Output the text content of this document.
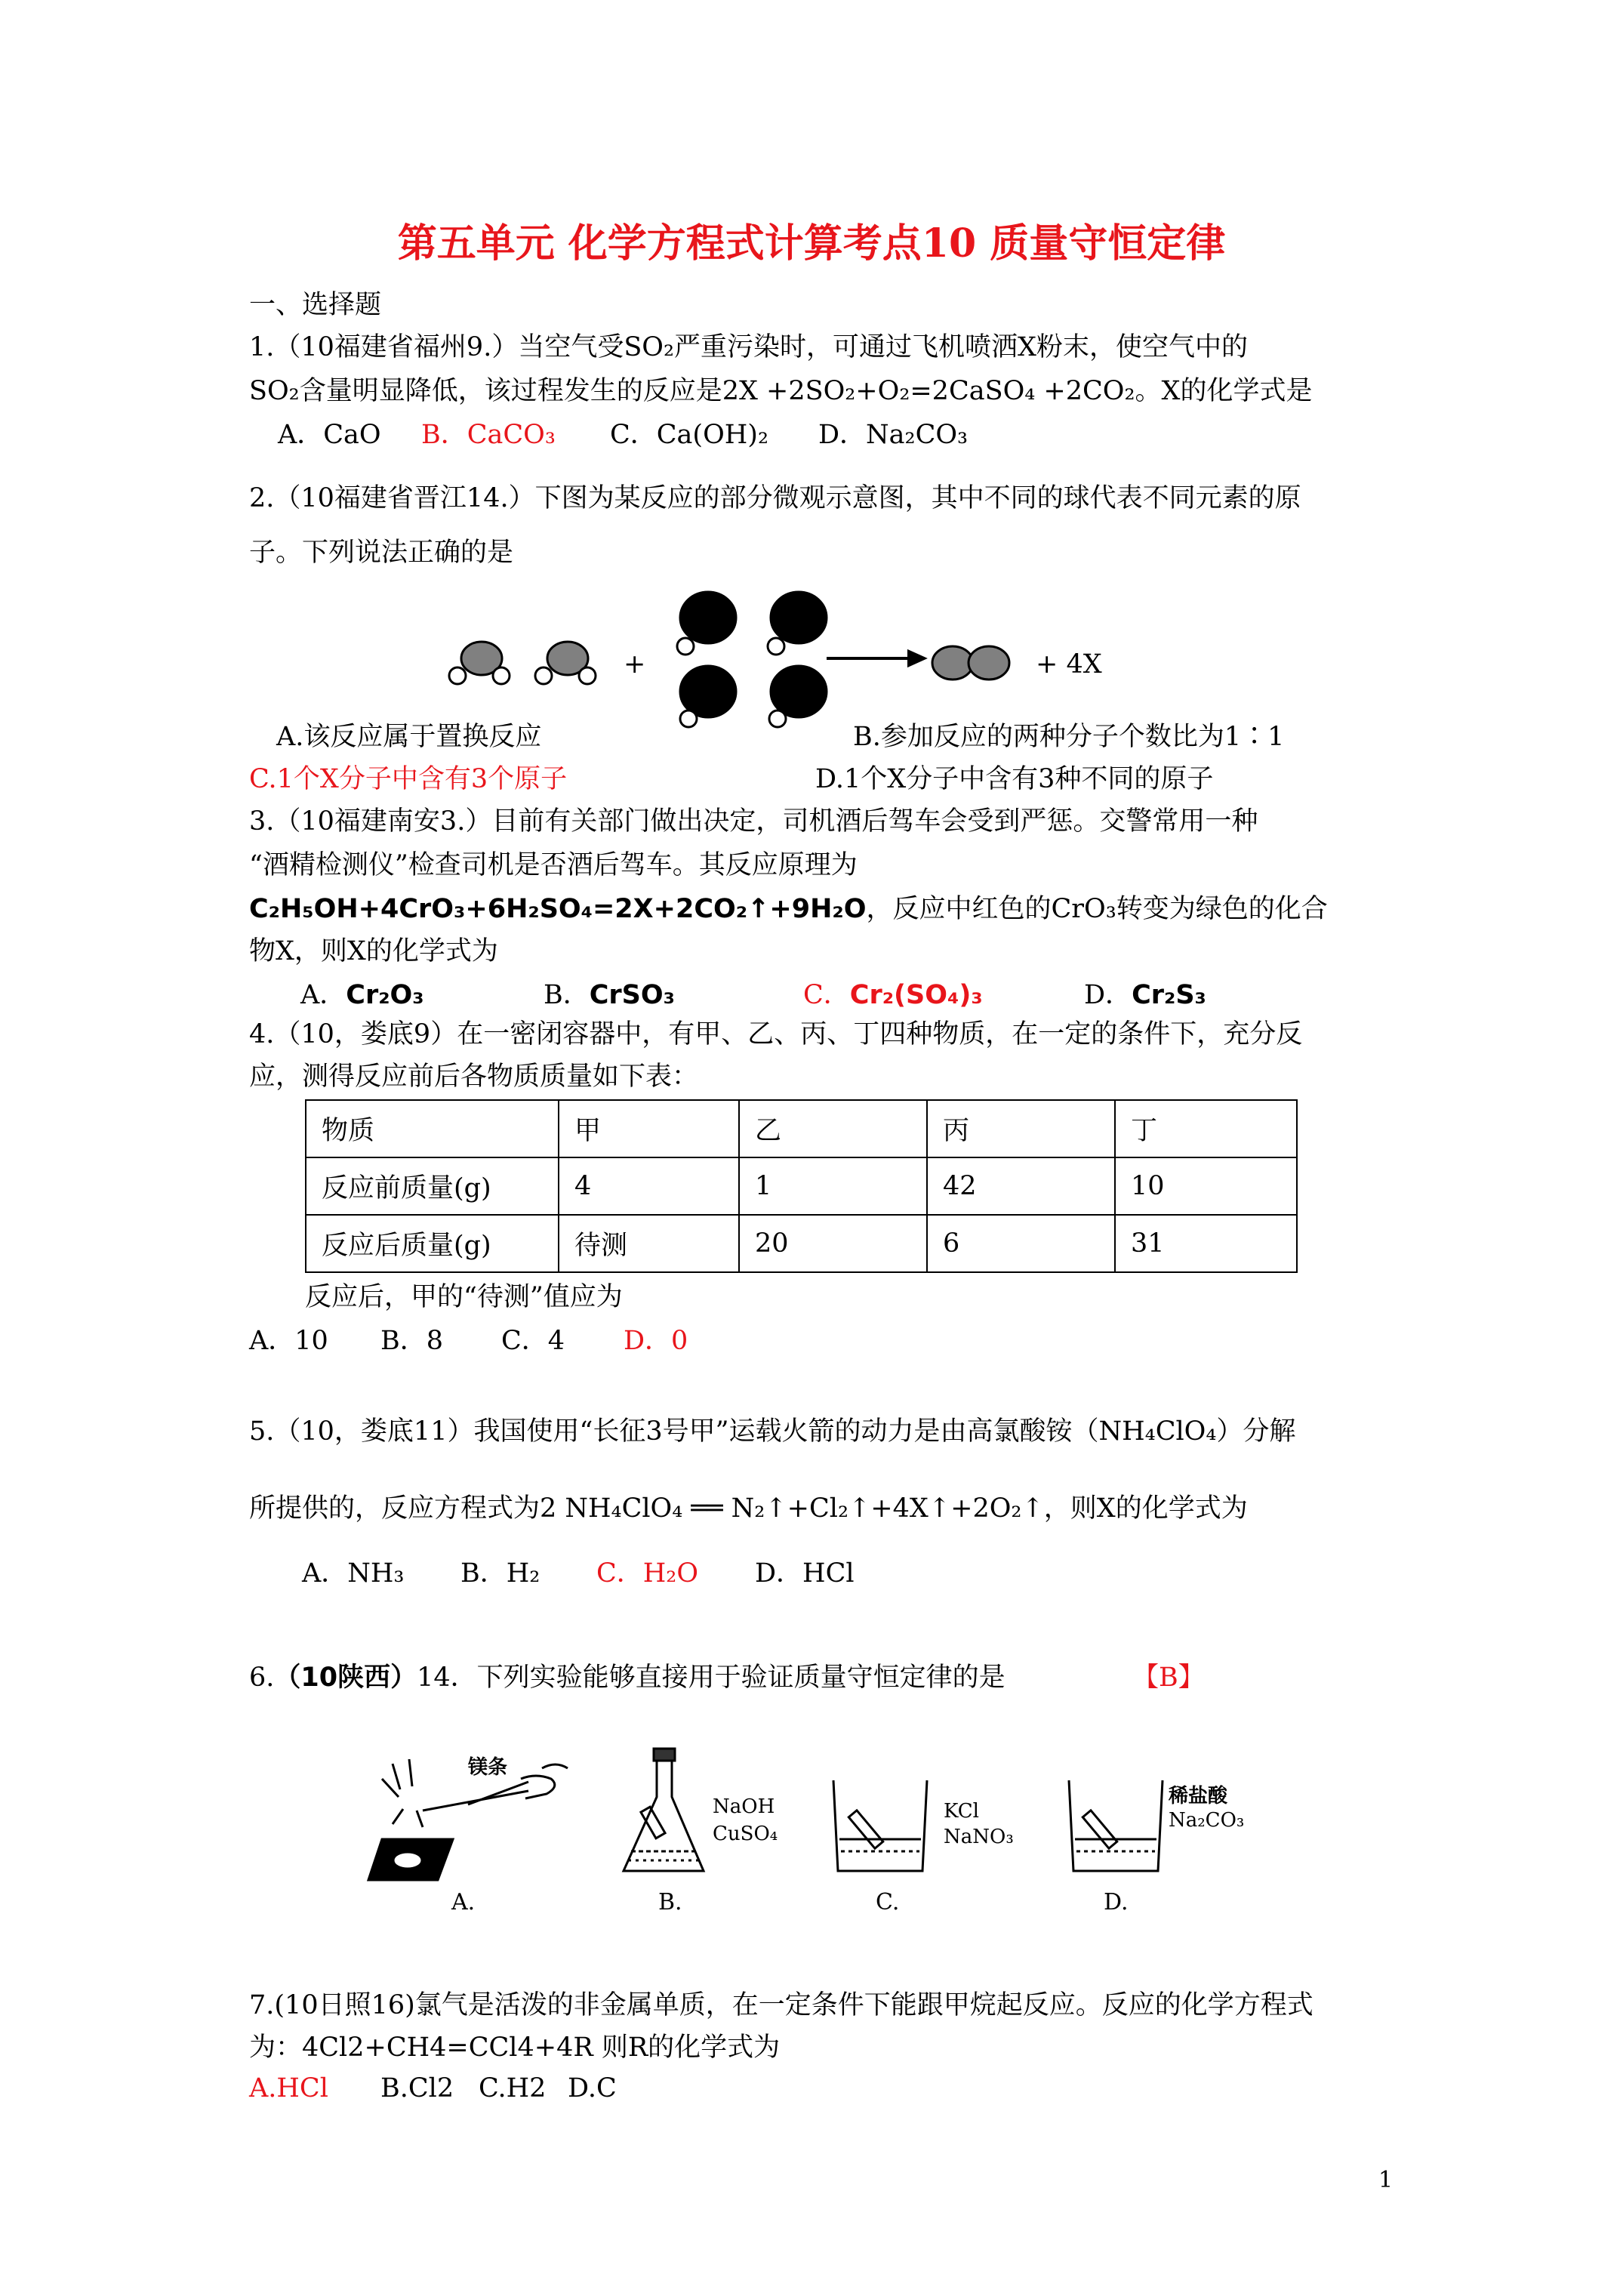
第五单元 化学方程式计算考点10 质量守恒定律
一、选择题
1.（10福建省福州9.）当空气受SO₂严重污染时，可通过飞机喷洒X粉末，使空气中的
SO₂含量明显降低，该过程发生的反应是2X +2SO₂+O₂=2CaSO₄ +2CO₂。X的化学式是
A．CaO B．CaCO₃ C．Ca(OH)₂ D．Na₂CO₃
2.（10福建省晋江14.）下图为某反应的部分微观示意图，其中不同的球代表不同元素的原
子。下列说法正确的是
+	+ 4X
A.该反应属于置换反应	B.参加反应的两种分子个数比为1∶1
C.1个X分子中含有3个原子	D.1个X分子中含有3种不同的原子
3.（10福建南安3.）目前有关部门做出决定，司机酒后驾车会受到严惩。交警常用一种
“酒精检测仪”检查司机是否酒后驾车。其反应原理为
C₂H₅OH+4CrO₃+6H₂SO₄=2X+2CO₂↑+9H₂O，反应中红色的CrO₃转变为绿色的化合
物X，则X的化学式为
A．Cr₂O₃	B．CrSO₃	C．Cr₂(SO₄)₃	D．Cr₂S₃
4.（10，娄底9）在一密闭容器中，有甲、乙、丙、丁四种物质，在一定的条件下，充分反
应，测得反应前后各物质质量如下表：
物质	甲	乙	丙	丁
反应前质量(g)	4	1	42	10
反应后质量(g)	待测	20	6	31
反应后，甲的“待测”值应为
A．10 B．8 C．4 D．0
5.（10，娄底11）我国使用“长征3号甲”运载火箭的动力是由高氯酸铵（NH₄ClO₄）分解
所提供的，反应方程式为2 NH₄ClO₄ ══ N₂↑+Cl₂↑+4X↑+2O₂↑，则X的化学式为
A．NH₃ B．H₂ C．H₂O D．HCl
6.（10陕西）14．下列实验能够直接用于验证质量守恒定律的是	【B】
镁条
NaOH
CuSO₄
KCl
NaNO₃
稀盐酸
Na₂CO₃
A.	B.	C.	D.
7.(10日照16)氯气是活泼的非金属单质，在一定条件下能跟甲烷起反应。反应的化学方程式
为：4Cl2+CH4=CCl4+4R 则R的化学式为
A.HCl B.Cl2 C.H2 D.C
1
